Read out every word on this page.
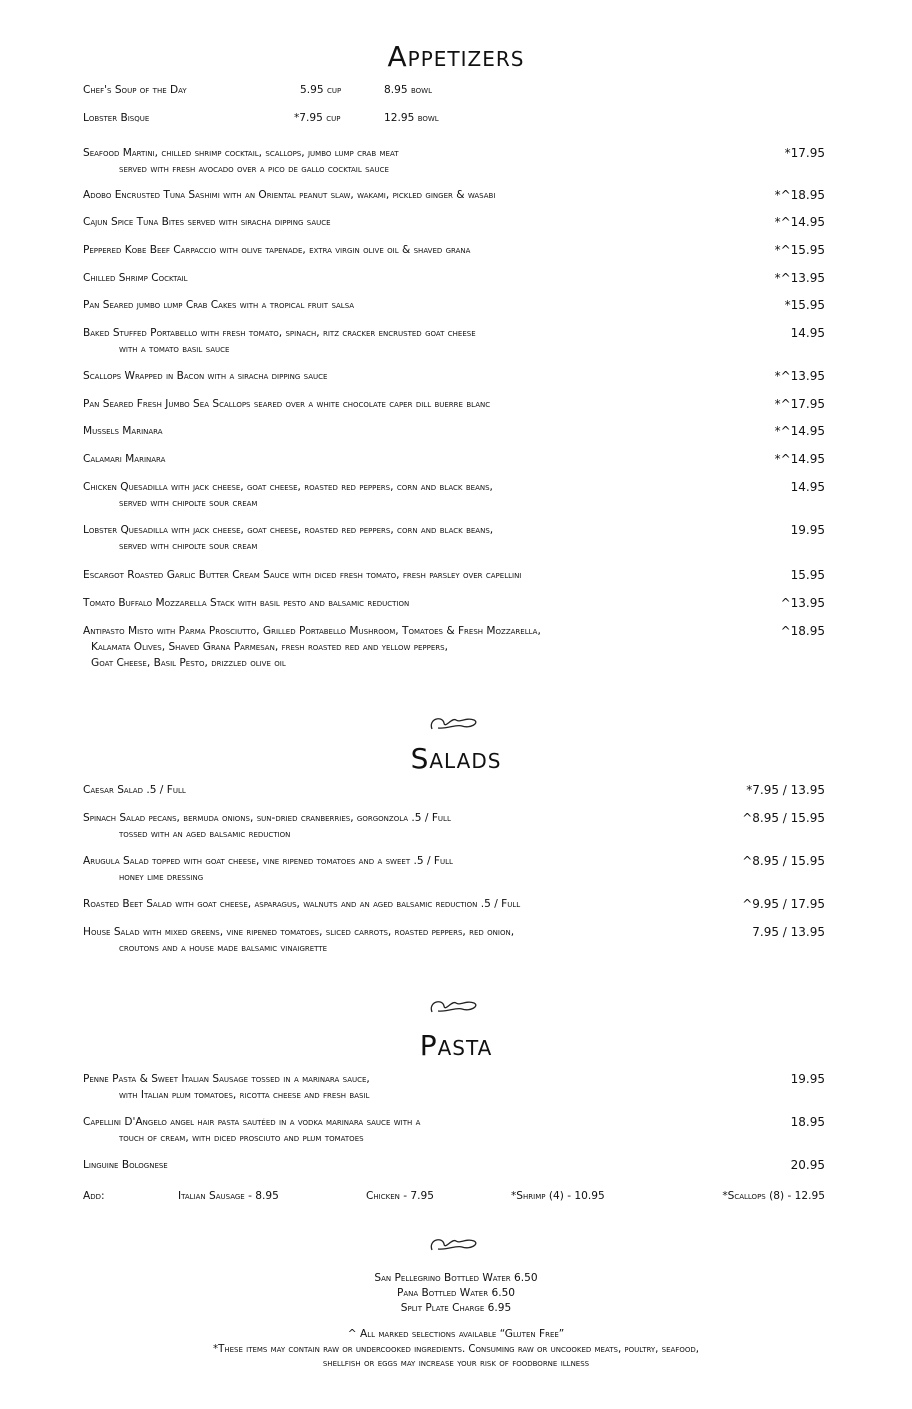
Appetizers
Chef's Soup of the Day	5.95 cup	8.95 bowl
Lobster Bisque	*7.95 cup	12.95 bowl
Seafood Martini, chilled shrimp cocktail, scallops, jumbo lump crab meat
served with fresh avocado over a pico de gallo cocktail sauce
*17.95
Adobo Encrusted Tuna Sashimi with an Oriental peanut slaw, wakami, pickled ginger & wasabi	*^18.95
Cajun Spice Tuna Bites served with siracha dipping sauce	*^14.95
Peppered Kobe Beef Carpaccio with olive tapenade, extra virgin olive oil & shaved grana	*^15.95
Chilled Shrimp Cocktail	*^13.95
Pan Seared jumbo lump Crab Cakes with a tropical fruit salsa	*15.95
Baked Stuffed Portabello with fresh tomato, spinach, ritz cracker encrusted goat cheese
with a tomato basil sauce
14.95
Scallops Wrapped in Bacon with a siracha dipping sauce	*^13.95
Pan Seared Fresh Jumbo Sea Scallops seared over a white chocolate caper dill buerre blanc	*^17.95
Mussels Marinara	*^14.95
Calamari Marinara	*^14.95
Chicken Quesadilla with jack cheese, goat cheese, roasted red peppers, corn and black beans,
served with chipolte sour cream
14.95
Lobster Quesadilla with jack cheese, goat cheese, roasted red peppers, corn and black beans,
served with chipolte sour cream
19.95
Escargot Roasted Garlic Butter Cream Sauce with diced fresh tomato, fresh parsley over capellini	15.95
Tomato Buffalo Mozzarella Stack with basil pesto and balsamic reduction	^13.95
Antipasto Misto with Parma Prosciutto, Grilled Portabello Mushroom, Tomatoes & Fresh Mozzarella,
Kalamata Olives, Shaved Grana Parmesan, fresh roasted red and yellow peppers,
Goat Cheese, Basil Pesto, drizzled olive oil
^18.95
Salads
Caesar Salad .5 / Full	*7.95 / 13.95
Spinach Salad pecans, bermuda onions, sun-dried cranberries, gorgonzola .5 / Full
tossed with an aged balsamic reduction
^8.95 / 15.95
Arugula Salad topped with goat cheese, vine ripened tomatoes and a sweet .5 / Full
honey lime dressing
^8.95 / 15.95
Roasted Beet Salad with goat cheese, asparagus, walnuts and an aged balsamic reduction .5 / Full	^9.95 / 17.95
House Salad with mixed greens, vine ripened tomatoes, sliced carrots, roasted peppers, red onion,
croutons and a house made balsamic vinaigrette
7.95 / 13.95
Pasta
Penne Pasta & Sweet Italian Sausage tossed in a marinara sauce,
with Italian plum tomatoes, ricotta cheese and fresh basil
19.95
Capellini D'Angelo angel hair pasta sautéed in a vodka marinara sauce with a
touch of cream, with diced prosciuto and plum tomatoes
18.95
Linguine Bolognese	20.95
Add:	Italian Sausage - 8.95	Chicken - 7.95	*Shrimp (4) - 10.95	*Scallops (8) - 12.95
San Pellegrino Bottled Water 6.50
Pana Bottled Water 6.50
Split Plate Charge 6.95
^ All marked selections available “Gluten Free”
*These items may contain raw or undercooked ingredients. Consuming raw or uncooked meats, poultry, seafood,
shellfish or eggs may increase your risk of foodborne illness
